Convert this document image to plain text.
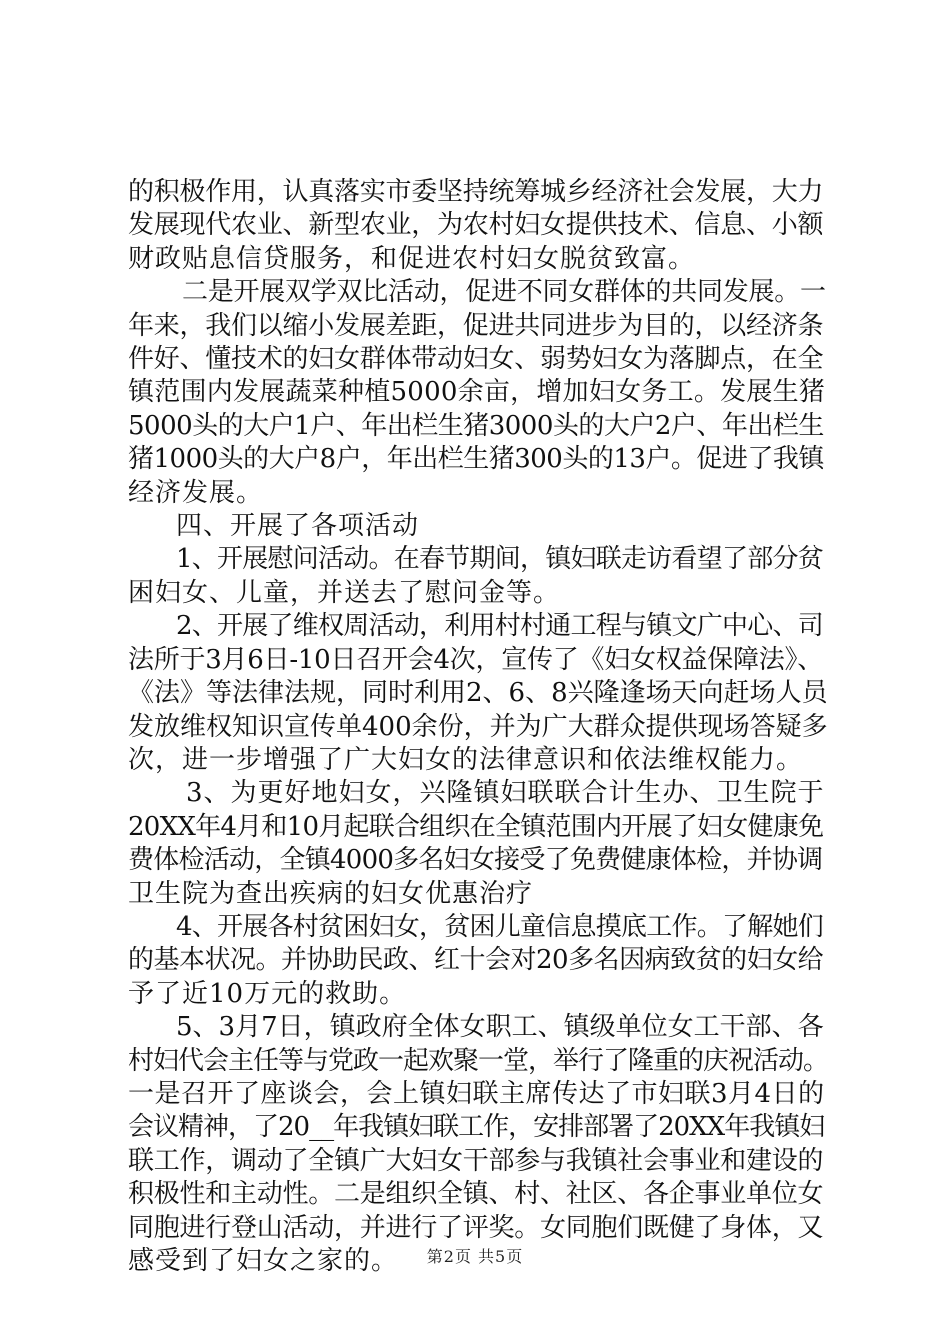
的积极作用，认真落实市委坚持统筹城乡经济社会发展，大力
发展现代农业、新型农业，为农村妇女提供技术、信息、小额
财政贴息信贷服务，和促进农村妇女脱贫致富。

二是开展双学双比活动，促进不同女群体的共同发展。一
年来，我们以缩小发展差距，促进共同进步为目的，以经济条
件好、懂技术的妇女群体带动妇女、弱势妇女为落脚点，在全
镇范围内发展蔬菜种植5000余亩，增加妇女务工。发展生猪
5000头的大户1户、年出栏生猪3000头的大户2户、年出栏生
猪1000头的大户8户，年出栏生猪300头的13户。促进了我镇
经济发展。

四、开展了各项活动

1、开展慰问活动。在春节期间，镇妇联走访看望了部分贫
困妇女、儿童，并送去了慰问金等。

2、开展了维权周活动，利用村村通工程与镇文广中心、司
法所于3月6日-10日召开会4次，宣传了《妇女权益保障法》、
《法》等法律法规，同时利用2、6、8兴隆逢场天向赶场人员
发放维权知识宣传单400余份，并为广大群众提供现场答疑多
次，进一步增强了广大妇女的法律意识和依法维权能力。

3、为更好地妇女，兴隆镇妇联联合计生办、卫生院于
20XX年4月和10月起联合组织在全镇范围内开展了妇女健康免
费体检活动，全镇4000多名妇女接受了免费健康体检，并协调
卫生院为查出疾病的妇女优惠治疗

4、开展各村贫困妇女，贫困儿童信息摸底工作。了解她们
的基本状况。并协助民政、红十会对20多名因病致贫的妇女给
予了近10万元的救助。

5、3月7日，镇政府全体女职工、镇级单位女工干部、各
村妇代会主任等与党政一起欢聚一堂，举行了隆重的庆祝活动。
一是召开了座谈会，会上镇妇联主席传达了市妇联3月4日的
会议精神，了20__年我镇妇联工作，安排部署了20XX年我镇妇
联工作，调动了全镇广大妇女干部参与我镇社会事业和建设的
积极性和主动性。二是组织全镇、村、社区、各企事业单位女
同胞进行登山活动，并进行了评奖。女同胞们既健了身体，又
感受到了妇女之家的。	第2页 共5页
